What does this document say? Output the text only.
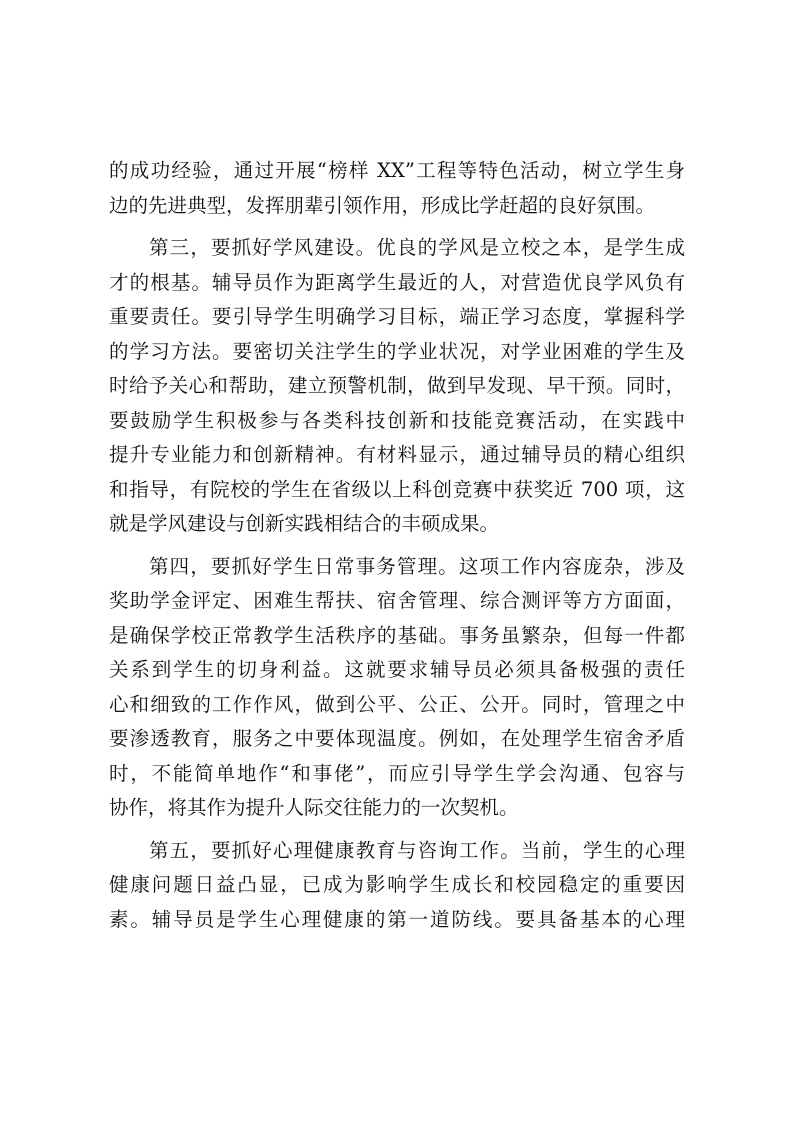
的成功经验，通过开展“榜样 XX”工程等特色活动，树立学生身
边的先进典型，发挥朋辈引领作用，形成比学赶超的良好氛围。
第三，要抓好学风建设。优良的学风是立校之本，是学生成
才的根基。辅导员作为距离学生最近的人，对营造优良学风负有
重要责任。要引导学生明确学习目标，端正学习态度，掌握科学
的学习方法。要密切关注学生的学业状况，对学业困难的学生及
时给予关心和帮助，建立预警机制，做到早发现、早干预。同时，
要鼓励学生积极参与各类科技创新和技能竞赛活动，在实践中
提升专业能力和创新精神。有材料显示，通过辅导员的精心组织
和指导，有院校的学生在省级以上科创竞赛中获奖近 700 项，这
就是学风建设与创新实践相结合的丰硕成果。
第四，要抓好学生日常事务管理。这项工作内容庞杂，涉及
奖助学金评定、困难生帮扶、宿舍管理、综合测评等方方面面，
是确保学校正常教学生活秩序的基础。事务虽繁杂，但每一件都
关系到学生的切身利益。这就要求辅导员必须具备极强的责任
心和细致的工作作风，做到公平、公正、公开。同时，管理之中
要渗透教育，服务之中要体现温度。例如，在处理学生宿舍矛盾
时，不能简单地作“和事佬”，而应引导学生学会沟通、包容与
协作，将其作为提升人际交往能力的一次契机。
第五，要抓好心理健康教育与咨询工作。当前，学生的心理
健康问题日益凸显，已成为影响学生成长和校园稳定的重要因
素。辅导员是学生心理健康的第一道防线。要具备基本的心理
